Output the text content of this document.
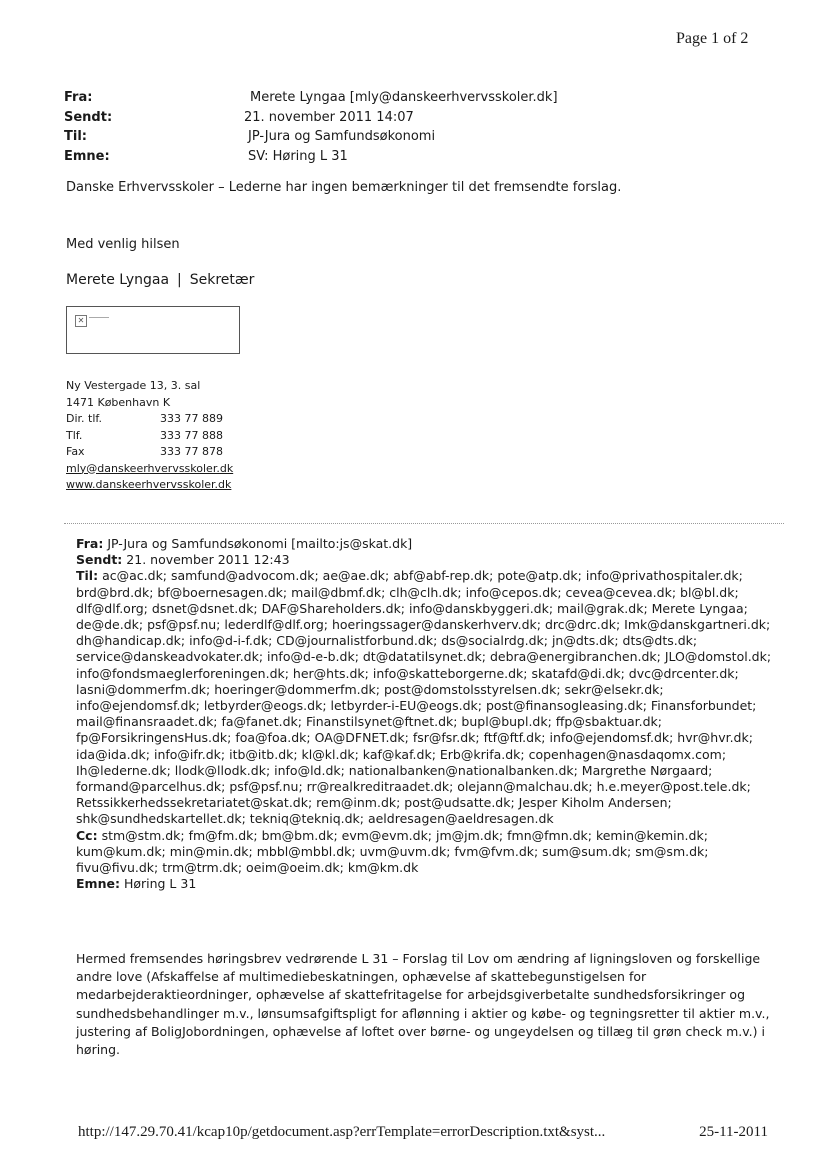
Page 1 of 2
Fra:	Merete Lyngaa [mly@danskeerhvervsskoler.dk]
Sendt:	21. november 2011 14:07
Til:	JP-Jura og Samfundsøkonomi
Emne:	SV: Høring L 31
Danske Erhvervsskoler – Lederne har ingen bemærkninger til det fremsendte forslag.
Med venlig hilsen
Merete Lyngaa | Sekretær
✕
Ny Vestergade 13, 3. sal
1471 København K
Dir. tlf.	333 77 889
Tlf.	333 77 888
Fax	333 77 878
mly@danskeerhvervsskoler.dk
www.danskeerhvervsskoler.dk
Fra: JP-Jura og Samfundsøkonomi [mailto:js@skat.dk]
Sendt: 21. november 2011 12:43
Til: ac@ac.dk; samfund@advocom.dk; ae@ae.dk; abf@abf-rep.dk; pote@atp.dk; info@privathospitaler.dk; brd@brd.dk; bf@boernesagen.dk; mail@dbmf.dk; clh@clh.dk; info@cepos.dk; cevea@cevea.dk; bl@bl.dk; dlf@dlf.org; dsnet@dsnet.dk; DAF@Shareholders.dk; info@danskbyggeri.dk; mail@grak.dk; Merete Lyngaa; de@de.dk; psf@psf.nu; lederdlf@dlf.org; hoeringssager@danskerhverv.dk; drc@drc.dk; Imk@danskgartneri.dk; dh@handicap.dk; info@d-i-f.dk; CD@journalistforbund.dk; ds@socialrdg.dk; jn@dts.dk; dts@dts.dk; service@danskeadvokater.dk; info@d-e-b.dk; dt@datatilsynet.dk; debra@energibranchen.dk; JLO@domstol.dk; info@fondsmaeglerforeningen.dk; her@hts.dk; info@skatteborgerne.dk; skatafd@di.dk; dvc@drcenter.dk; lasni@dommerfm.dk; hoeringer@dommerfm.dk; post@domstolsstyrelsen.dk; sekr@elsekr.dk; info@ejendomsf.dk; letbyrder@eogs.dk; letbyrder-i-EU@eogs.dk; post@finansogleasing.dk; Finansforbundet; mail@finansraadet.dk; fa@fanet.dk; Finanstilsynet@ftnet.dk; bupl@bupl.dk; ffp@sbaktuar.dk; fp@ForsikringensHus.dk; foa@foa.dk; OA@DFNET.dk; fsr@fsr.dk; ftf@ftf.dk; info@ejendomsf.dk; hvr@hvr.dk; ida@ida.dk; info@ifr.dk; itb@itb.dk; kl@kl.dk; kaf@kaf.dk; Erb@krifa.dk; copenhagen@nasdaqomx.com; Ih@lederne.dk; llodk@llodk.dk; info@ld.dk; nationalbanken@nationalbanken.dk; Margrethe Nørgaard; formand@parcelhus.dk; psf@psf.nu; rr@realkreditraadet.dk; olejann@malchau.dk; h.e.meyer@post.tele.dk; Retssikkerhedssekretariatet@skat.dk; rem@inm.dk; post@udsatte.dk; Jesper Kiholm Andersen; shk@sundhedskartellet.dk; tekniq@tekniq.dk; aeldresagen@aeldresagen.dk
Cc: stm@stm.dk; fm@fm.dk; bm@bm.dk; evm@evm.dk; jm@jm.dk; fmn@fmn.dk; kemin@kemin.dk; kum@kum.dk; min@min.dk; mbbl@mbbl.dk; uvm@uvm.dk; fvm@fvm.dk; sum@sum.dk; sm@sm.dk; fivu@fivu.dk; trm@trm.dk; oeim@oeim.dk; km@km.dk
Emne: Høring L 31
Hermed fremsendes høringsbrev vedrørende L 31 – Forslag til Lov om ændring af ligningsloven og forskellige andre love (Afskaffelse af multimediebeskatningen, ophævelse af skattebegunstigelsen for medarbejderaktieordninger, ophævelse af skattefritagelse for arbejdsgiverbetalte sundhedsforsikringer og sundhedsbehandlinger m.v., lønsumsafgiftspligt for aflønning i aktier og købe- og tegningsretter til aktier m.v., justering af BoligJobordningen, ophævelse af loftet over børne- og ungeydelsen og tillæg til grøn check m.v.) i høring.
http://147.29.70.41/kcap10p/getdocument.asp?errTemplate=errorDescription.txt&syst...	25-11-2011
